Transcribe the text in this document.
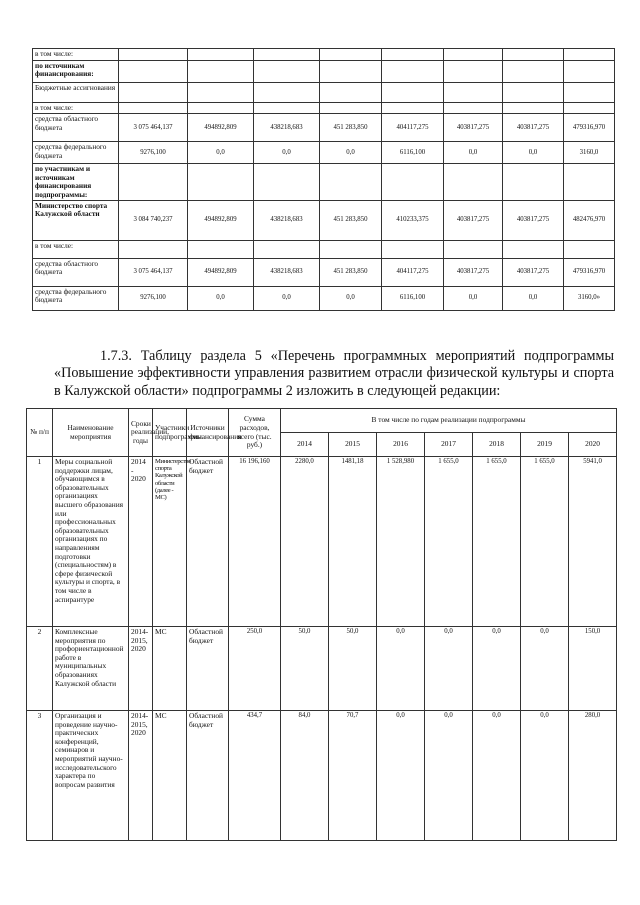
в том числе:								
по источникам финансирования:								
Бюджетные ассигнования								
в том числе:								
средства областного бюджета	3 075 464,137	494892,809	438218,683	451 283,850	404117,275	403817,275	403817,275	479316,970
средства федерального бюджета	9276,100	0,0	0,0	0,0	6116,100	0,0	0,0	3160,0
по участникам и источникам финансирования подпрограммы:								
Министерство спорта Калужской области	3 084 740,237	494892,809	438218,683	451 283,850	410233,375	403817,275	403817,275	482476,970
в том числе:								
средства областного бюджета	3 075 464,137	494892,809	438218,683	451 283,850	404117,275	403817,275	403817,275	479316,970
средства федерального бюджета	9276,100	0,0	0,0	0,0	6116,100	0,0	0,0	3160,0»
1.7.3. Таблицу раздела 5 «Перечень программных мероприятий подпрограммы «Повышение эффективности управления развитием отрасли физической культуры и спорта в Калужской области» подпрограммы 2 изложить в следующей редакции:
№ п/п	Наименование мероприятия	Сроки реализации, годы	Участники подпрограммы	Источники финансирования	Сумма расходов, всего (тыс. руб.)	В том числе по годам реализации подпрограммы						
						2014	2015	2016	2017	2018	2019	2020
1	Меры социальной поддержки лицам, обучающимся в образовательных организациях высшего образования или профессиональных образовательных организациях по направлениям подготовки (специальностям) в сфере физической культуры и спорта, в том числе в аспирантуре	2014 - 2020	Министерство спорта Калужской области (далее - МС)	Областной бюджет	16 196,160	2280,0	1481,18	1 528,980	1 655,0	1 655,0	1 655,0	5941,0
2	Комплексные мероприятия по профориентационной работе в муниципальных образованиях Калужской области	2014-2015, 2020	МС	Областной бюджет	250,0	50,0	50,0	0,0	0,0	0,0	0,0	150,0
3	Организация и проведение научно-практических конференций, семинаров и мероприятий научно-исследовательского характера по вопросам развития	2014-2015, 2020	МС	Областной бюджет	434,7	84,0	70,7	0,0	0,0	0,0	0,0	280,0
